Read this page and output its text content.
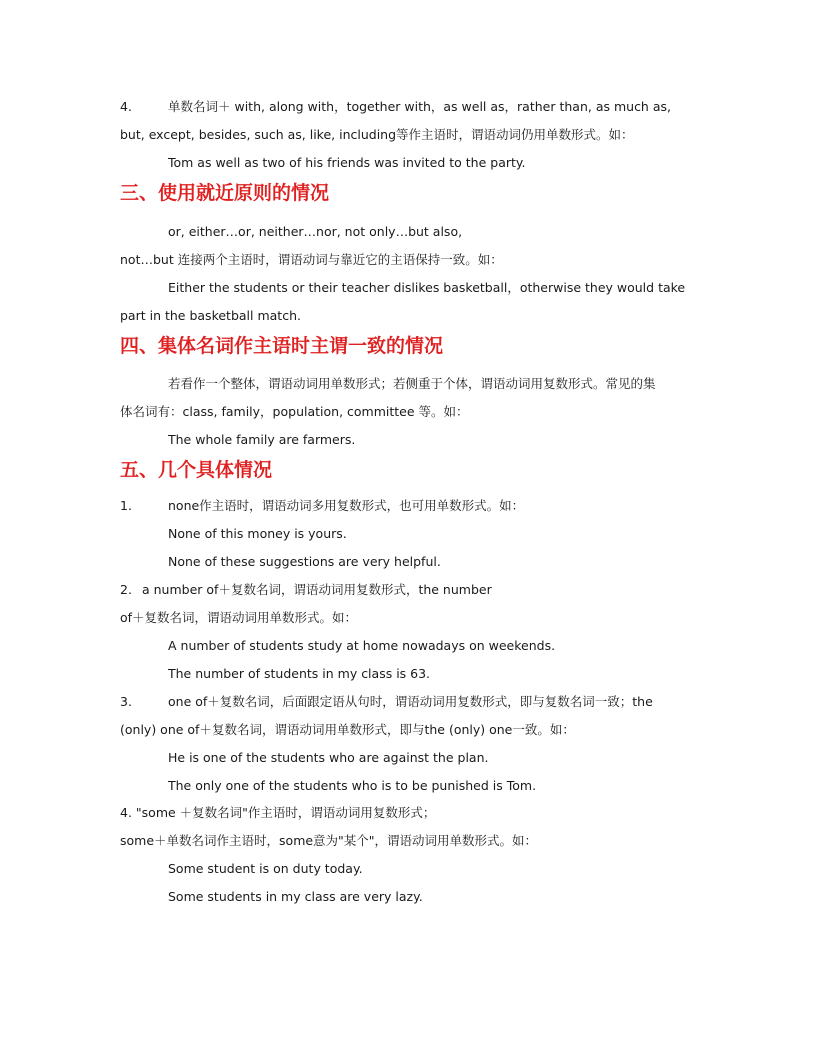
4.	单数名词＋ with, along with，together with，as well as，rather than, as much as,
but, except, besides, such as, like, including等作主语时，谓语动词仍用单数形式。如：
Tom as well as two of his friends was invited to the party.
三、使用就近原则的情况
or, either…or, neither…nor, not only…but also,
not…but 连接两个主语时，谓语动词与靠近它的主语保持一致。如：
Either the students or their teacher dislikes basketball，otherwise they would take
part in the basketball match.
四、集体名词作主语时主谓一致的情况
若看作一个整体，谓语动词用单数形式；若侧重于个体，谓语动词用复数形式。常见的集
体名词有：class, family，population, committee 等。如：
The whole family are farmers.
五、几个具体情况
1.	none作主语时，谓语动词多用复数形式，也可用单数形式。如：
None of this money is yours.
None of these suggestions are very helpful.
2. a number of＋复数名词，谓语动词用复数形式，the number
of＋复数名词，谓语动词用单数形式。如：
A number of students study at home nowadays on weekends.
The number of students in my class is 63.
3.	one of＋复数名词，后面跟定语从句时，谓语动词用复数形式，即与复数名词一致；the
(only) one of＋复数名词，谓语动词用单数形式，即与the (only) one一致。如：
He is one of the students who are against the plan.
The only one of the students who is to be punished is Tom.
4. "some ＋复数名词"作主语时，谓语动词用复数形式；
some＋单数名词作主语时，some意为"某个"，谓语动词用单数形式。如：
Some student is on duty today.
Some students in my class are very lazy.
